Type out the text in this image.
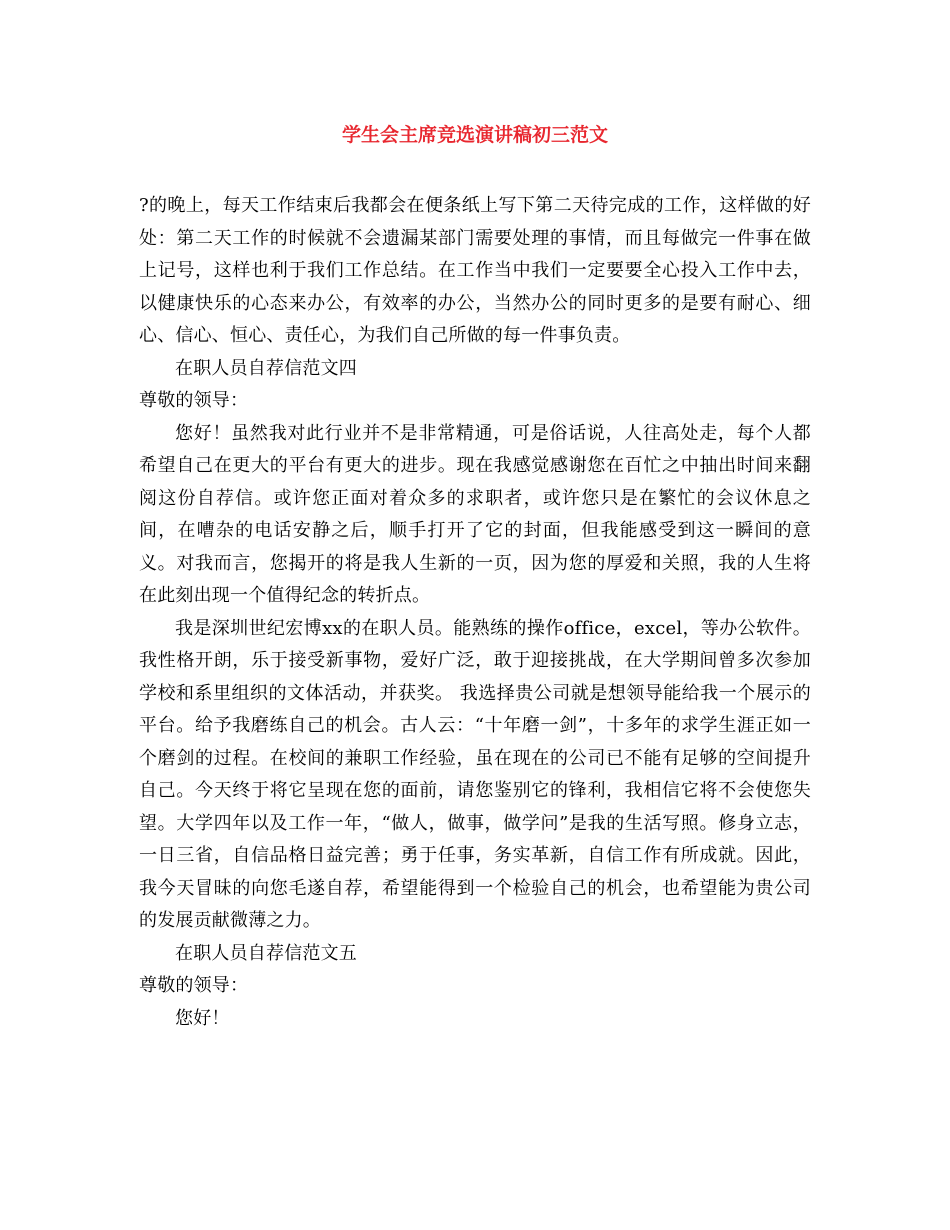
学生会主席竞选演讲稿初三范文

?的晚上，每天工作结束后我都会在便条纸上写下第二天待完成的工作，这样做的好处：第二天工作的时候就不会遗漏某部门需要处理的事情，而且每做完一件事在做上记号，这样也利于我们工作总结。在工作当中我们一定要要全心投入工作中去，以健康快乐的心态来办公，有效率的办公，当然办公的同时更多的是要有耐心、细心、信心、恒心、责任心，为我们自己所做的每一件事负责。

在职人员自荐信范文四

尊敬的领导：

您好！虽然我对此行业并不是非常精通，可是俗话说，人往高处走，每个人都希望自己在更大的平台有更大的进步。现在我感觉感谢您在百忙之中抽出时间来翻阅这份自荐信。或许您正面对着众多的求职者，或许您只是在繁忙的会议休息之间，在嘈杂的电话安静之后，顺手打开了它的封面，但我能感受到这一瞬间的意义。对我而言，您揭开的将是我人生新的一页，因为您的厚爱和关照，我的人生将在此刻出现一个值得纪念的转折点。

我是深圳世纪宏博xx的在职人员。能熟练的操作office，excel，等办公软件。我性格开朗，乐于接受新事物，爱好广泛，敢于迎接挑战，在大学期间曾多次参加学校和系里组织的文体活动，并获奖。 我选择贵公司就是想领导能给我一个展示的平台。给予我磨练自己的机会。古人云：“十年磨一剑”，十多年的求学生涯正如一个磨剑的过程。在校间的兼职工作经验，虽在现在的公司已不能有足够的空间提升自己。今天终于将它呈现在您的面前，请您鉴别它的锋利，我相信它将不会使您失望。大学四年以及工作一年，“做人，做事，做学问”是我的生活写照。修身立志，一日三省，自信品格日益完善；勇于任事，务实革新，自信工作有所成就。因此，我今天冒昧的向您毛遂自荐，希望能得到一个检验自己的机会，也希望能为贵公司的发展贡献微薄之力。

在职人员自荐信范文五

尊敬的领导：

您好！
